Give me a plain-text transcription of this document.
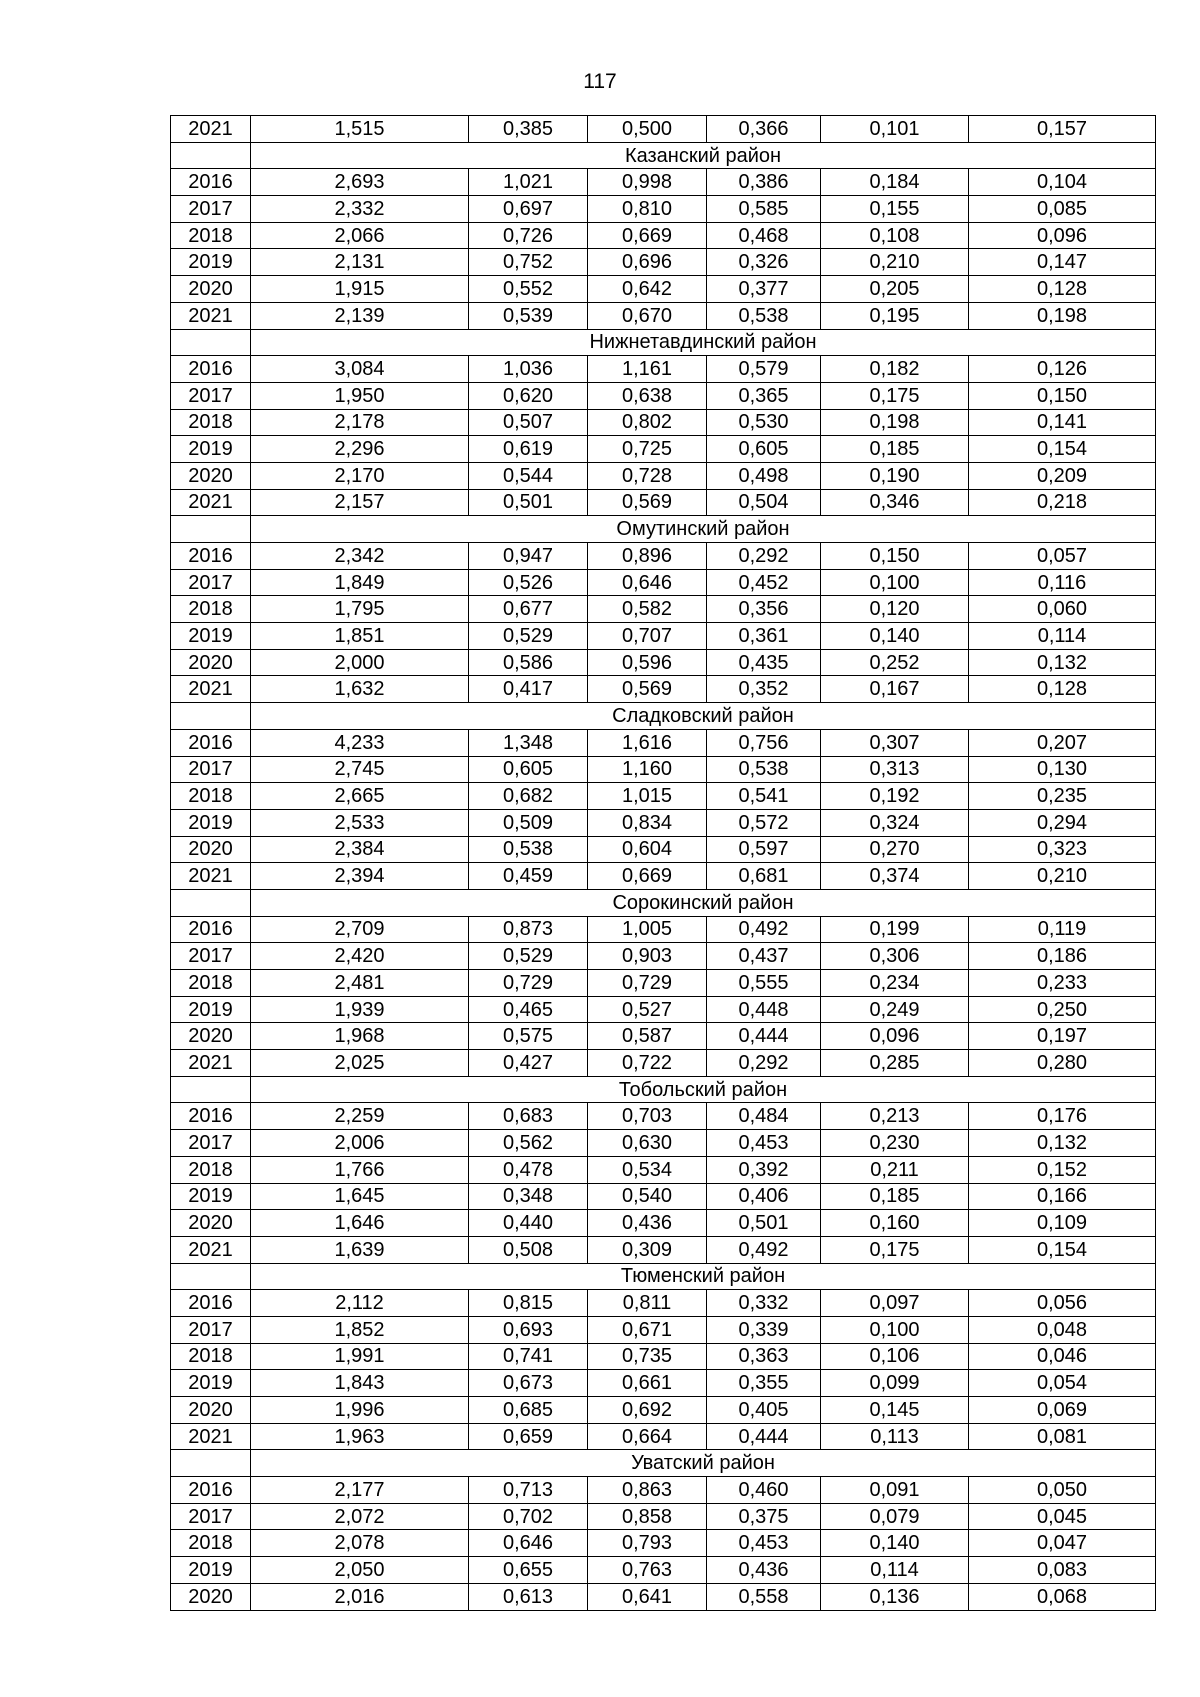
117
2021	1,515	0,385	0,500	0,366	0,101	0,157
	Казанский район					
2016	2,693	1,021	0,998	0,386	0,184	0,104
2017	2,332	0,697	0,810	0,585	0,155	0,085
2018	2,066	0,726	0,669	0,468	0,108	0,096
2019	2,131	0,752	0,696	0,326	0,210	0,147
2020	1,915	0,552	0,642	0,377	0,205	0,128
2021	2,139	0,539	0,670	0,538	0,195	0,198
	Нижнетавдинский район					
2016	3,084	1,036	1,161	0,579	0,182	0,126
2017	1,950	0,620	0,638	0,365	0,175	0,150
2018	2,178	0,507	0,802	0,530	0,198	0,141
2019	2,296	0,619	0,725	0,605	0,185	0,154
2020	2,170	0,544	0,728	0,498	0,190	0,209
2021	2,157	0,501	0,569	0,504	0,346	0,218
	Омутинский район					
2016	2,342	0,947	0,896	0,292	0,150	0,057
2017	1,849	0,526	0,646	0,452	0,100	0,116
2018	1,795	0,677	0,582	0,356	0,120	0,060
2019	1,851	0,529	0,707	0,361	0,140	0,114
2020	2,000	0,586	0,596	0,435	0,252	0,132
2021	1,632	0,417	0,569	0,352	0,167	0,128
	Сладковский район					
2016	4,233	1,348	1,616	0,756	0,307	0,207
2017	2,745	0,605	1,160	0,538	0,313	0,130
2018	2,665	0,682	1,015	0,541	0,192	0,235
2019	2,533	0,509	0,834	0,572	0,324	0,294
2020	2,384	0,538	0,604	0,597	0,270	0,323
2021	2,394	0,459	0,669	0,681	0,374	0,210
	Сорокинский район					
2016	2,709	0,873	1,005	0,492	0,199	0,119
2017	2,420	0,529	0,903	0,437	0,306	0,186
2018	2,481	0,729	0,729	0,555	0,234	0,233
2019	1,939	0,465	0,527	0,448	0,249	0,250
2020	1,968	0,575	0,587	0,444	0,096	0,197
2021	2,025	0,427	0,722	0,292	0,285	0,280
	Тобольский район					
2016	2,259	0,683	0,703	0,484	0,213	0,176
2017	2,006	0,562	0,630	0,453	0,230	0,132
2018	1,766	0,478	0,534	0,392	0,211	0,152
2019	1,645	0,348	0,540	0,406	0,185	0,166
2020	1,646	0,440	0,436	0,501	0,160	0,109
2021	1,639	0,508	0,309	0,492	0,175	0,154
	Тюменский район					
2016	2,112	0,815	0,811	0,332	0,097	0,056
2017	1,852	0,693	0,671	0,339	0,100	0,048
2018	1,991	0,741	0,735	0,363	0,106	0,046
2019	1,843	0,673	0,661	0,355	0,099	0,054
2020	1,996	0,685	0,692	0,405	0,145	0,069
2021	1,963	0,659	0,664	0,444	0,113	0,081
	Уватский район					
2016	2,177	0,713	0,863	0,460	0,091	0,050
2017	2,072	0,702	0,858	0,375	0,079	0,045
2018	2,078	0,646	0,793	0,453	0,140	0,047
2019	2,050	0,655	0,763	0,436	0,114	0,083
2020	2,016	0,613	0,641	0,558	0,136	0,068
